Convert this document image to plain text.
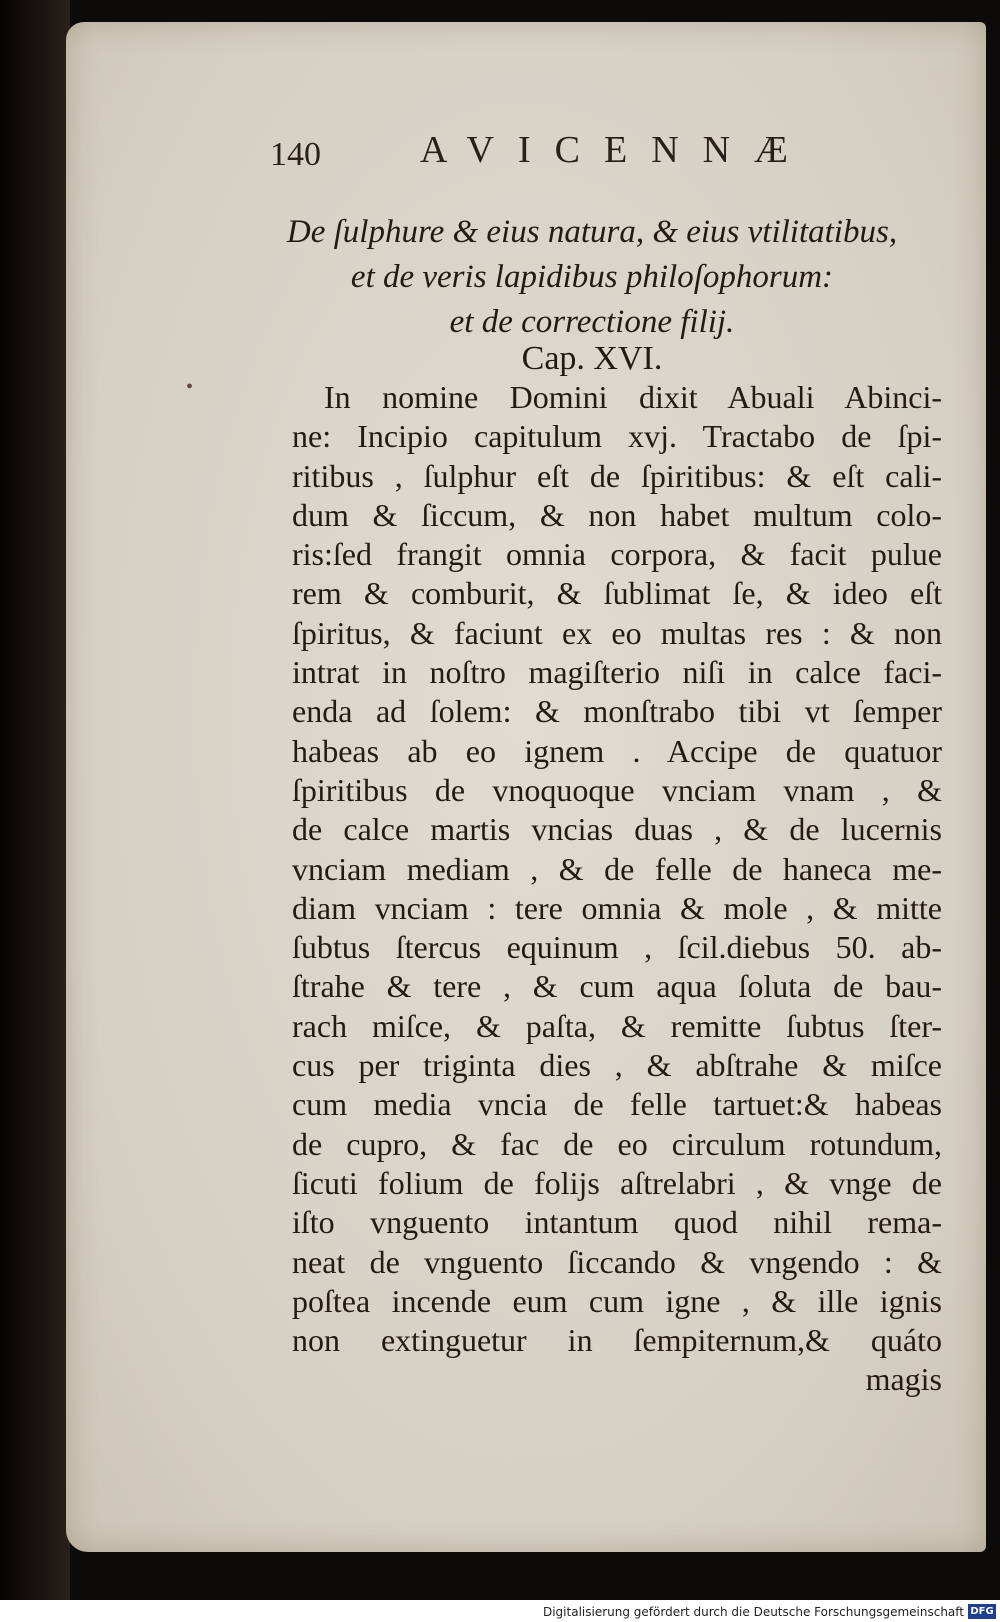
140	AVICENNÆ
De ſulphure & eius natura, & eius vtilitatibus,
et de veris lapidibus philoſophorum:
et de correctione filij.
Cap. XVI.
•	In nomine Domini dixit Abuali Abinci-
ne: Incipio capitulum xvj. Tractabo de ſpi-
ritibus , ſulphur eſt de ſpiritibus: & eſt cali-
dum & ſiccum, & non habet multum colo-
ris:ſed frangit omnia corpora, & facit pulue
rem & comburit, & ſublimat ſe, & ideo eſt
ſpiritus, & faciunt ex eo multas res : & non
intrat in noſtro magiſterio niſi in calce faci-
enda ad ſolem: & monſtrabo tibi vt ſemper
habeas ab eo ignem . Accipe de quatuor
ſpiritibus de vnoquoque vnciam vnam , &
de calce martis vncias duas , & de lucernis
vnciam mediam , & de felle de haneca me-
diam vnciam : tere omnia & mole , & mitte
ſubtus ſtercus equinum , ſcil.diebus 50. ab-
ſtrahe & tere , & cum aqua ſoluta de bau-
rach miſce, & paſta, & remitte ſubtus ſter-
cus per triginta dies , & abſtrahe & miſce
cum media vncia de felle tartuet:& habeas
de cupro, & fac de eo circulum rotundum,
ſicuti folium de folijs aſtrelabri , & vnge de
iſto vnguento intantum quod nihil rema-
neat de vnguento ſiccando & vngendo : &
poſtea incende eum cum igne , & ille ignis
non extinguetur in ſempiternum,& quáto
magis
Digitalisierung gefördert durch die Deutsche Forschungsgemeinschaft DFG
